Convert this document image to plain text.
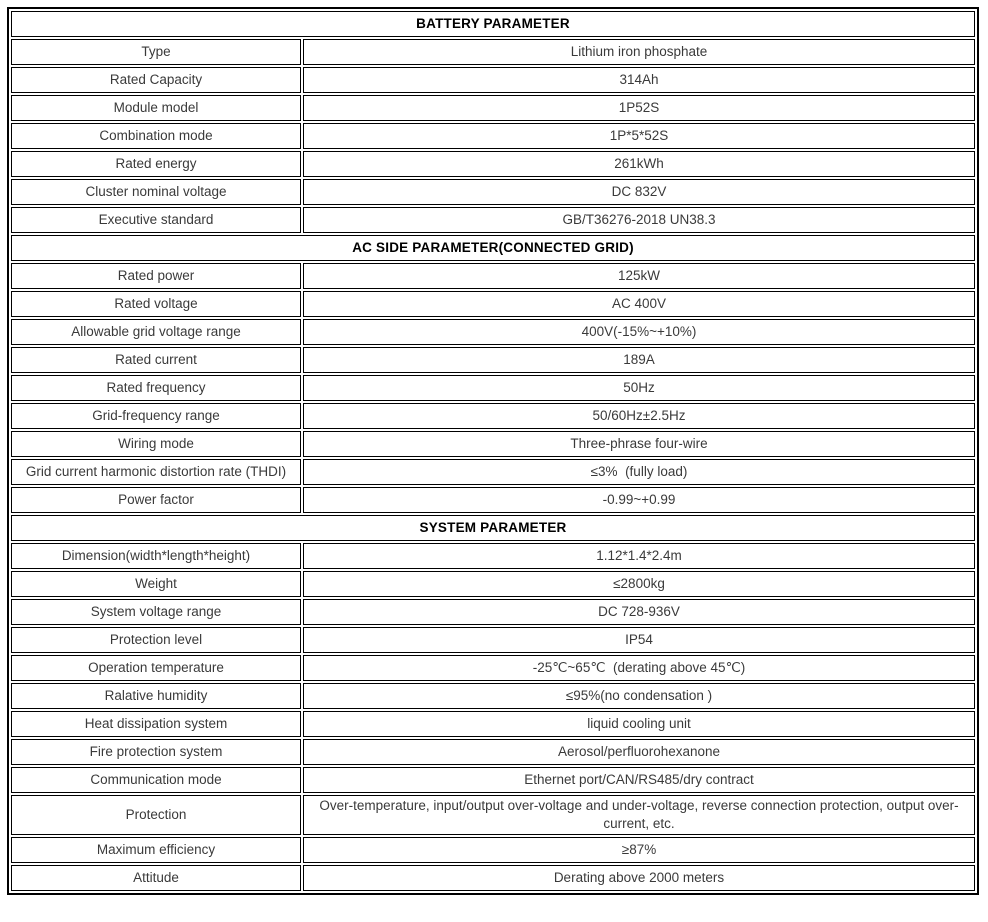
BATTERY PARAMETER	
Type	Lithium iron phosphate
Rated Capacity	314Ah
Module model	1P52S
Combination mode	1P*5*52S
Rated energy	261kWh
Cluster nominal voltage	DC 832V
Executive standard	GB/T36276-2018 UN38.3
AC SIDE PARAMETER(CONNECTED GRID)	
Rated power	125kW
Rated voltage	AC 400V
Allowable grid voltage range	400V(-15%~+10%)
Rated current	189A
Rated frequency	50Hz
Grid-frequency range	50/60Hz±2.5Hz
Wiring mode	Three-phrase four-wire
Grid current harmonic distortion rate (THDI)	≤3%  (fully load)
Power factor	-0.99~+0.99
SYSTEM PARAMETER	
Dimension(width*length*height)	1.12*1.4*2.4m
Weight	≤2800kg
System voltage range	DC 728-936V
Protection level	IP54
Operation temperature	-25℃~65℃  (derating above 45℃)
Ralative humidity	≤95%(no condensation )
Heat dissipation system	liquid cooling unit
Fire protection system	Aerosol/perfluorohexanone
Communication mode	Ethernet port/CAN/RS485/dry contract
Protection	Over-temperature, input/output over-voltage and under-voltage, reverse connection protection, output over-current, etc.
Maximum efficiency	≥87%
Attitude	Derating above 2000 meters
